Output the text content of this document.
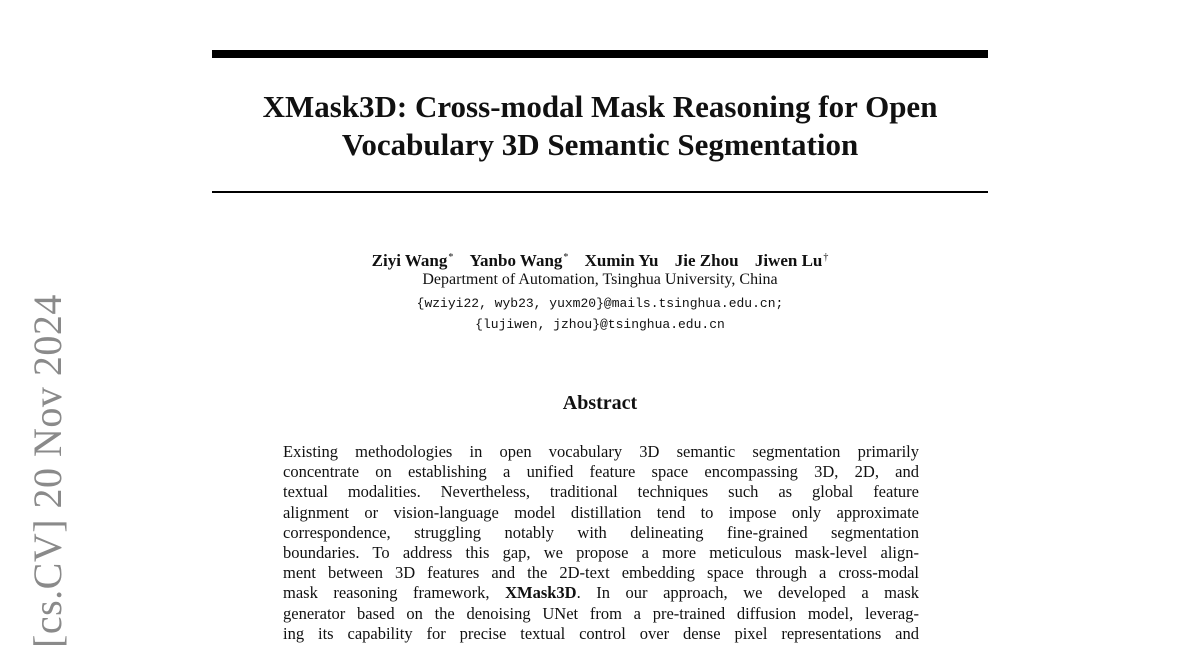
[cs.CV] 20 Nov 2024
XMask3D: Cross-modal Mask Reasoning for Open
Vocabulary 3D Semantic Segmentation
Ziyi Wang* Yanbo Wang* Xumin Yu Jie Zhou Jiwen Lu†
Department of Automation, Tsinghua University, China
{wziyi22, wyb23, yuxm20}@mails.tsinghua.edu.cn;
{lujiwen, jzhou}@tsinghua.edu.cn
Abstract
Existing methodologies in open vocabulary 3D semantic segmentation primarily
concentrate on establishing a unified feature space encompassing 3D, 2D, and
textual modalities. Nevertheless, traditional techniques such as global feature
alignment or vision-language model distillation tend to impose only approximate
correspondence, struggling notably with delineating fine-grained segmentation
boundaries. To address this gap, we propose a more meticulous mask-level align-
ment between 3D features and the 2D-text embedding space through a cross-modal
mask reasoning framework, XMask3D. In our approach, we developed a mask
generator based on the denoising UNet from a pre-trained diffusion model, leverag-
ing its capability for precise textual control over dense pixel representations and
